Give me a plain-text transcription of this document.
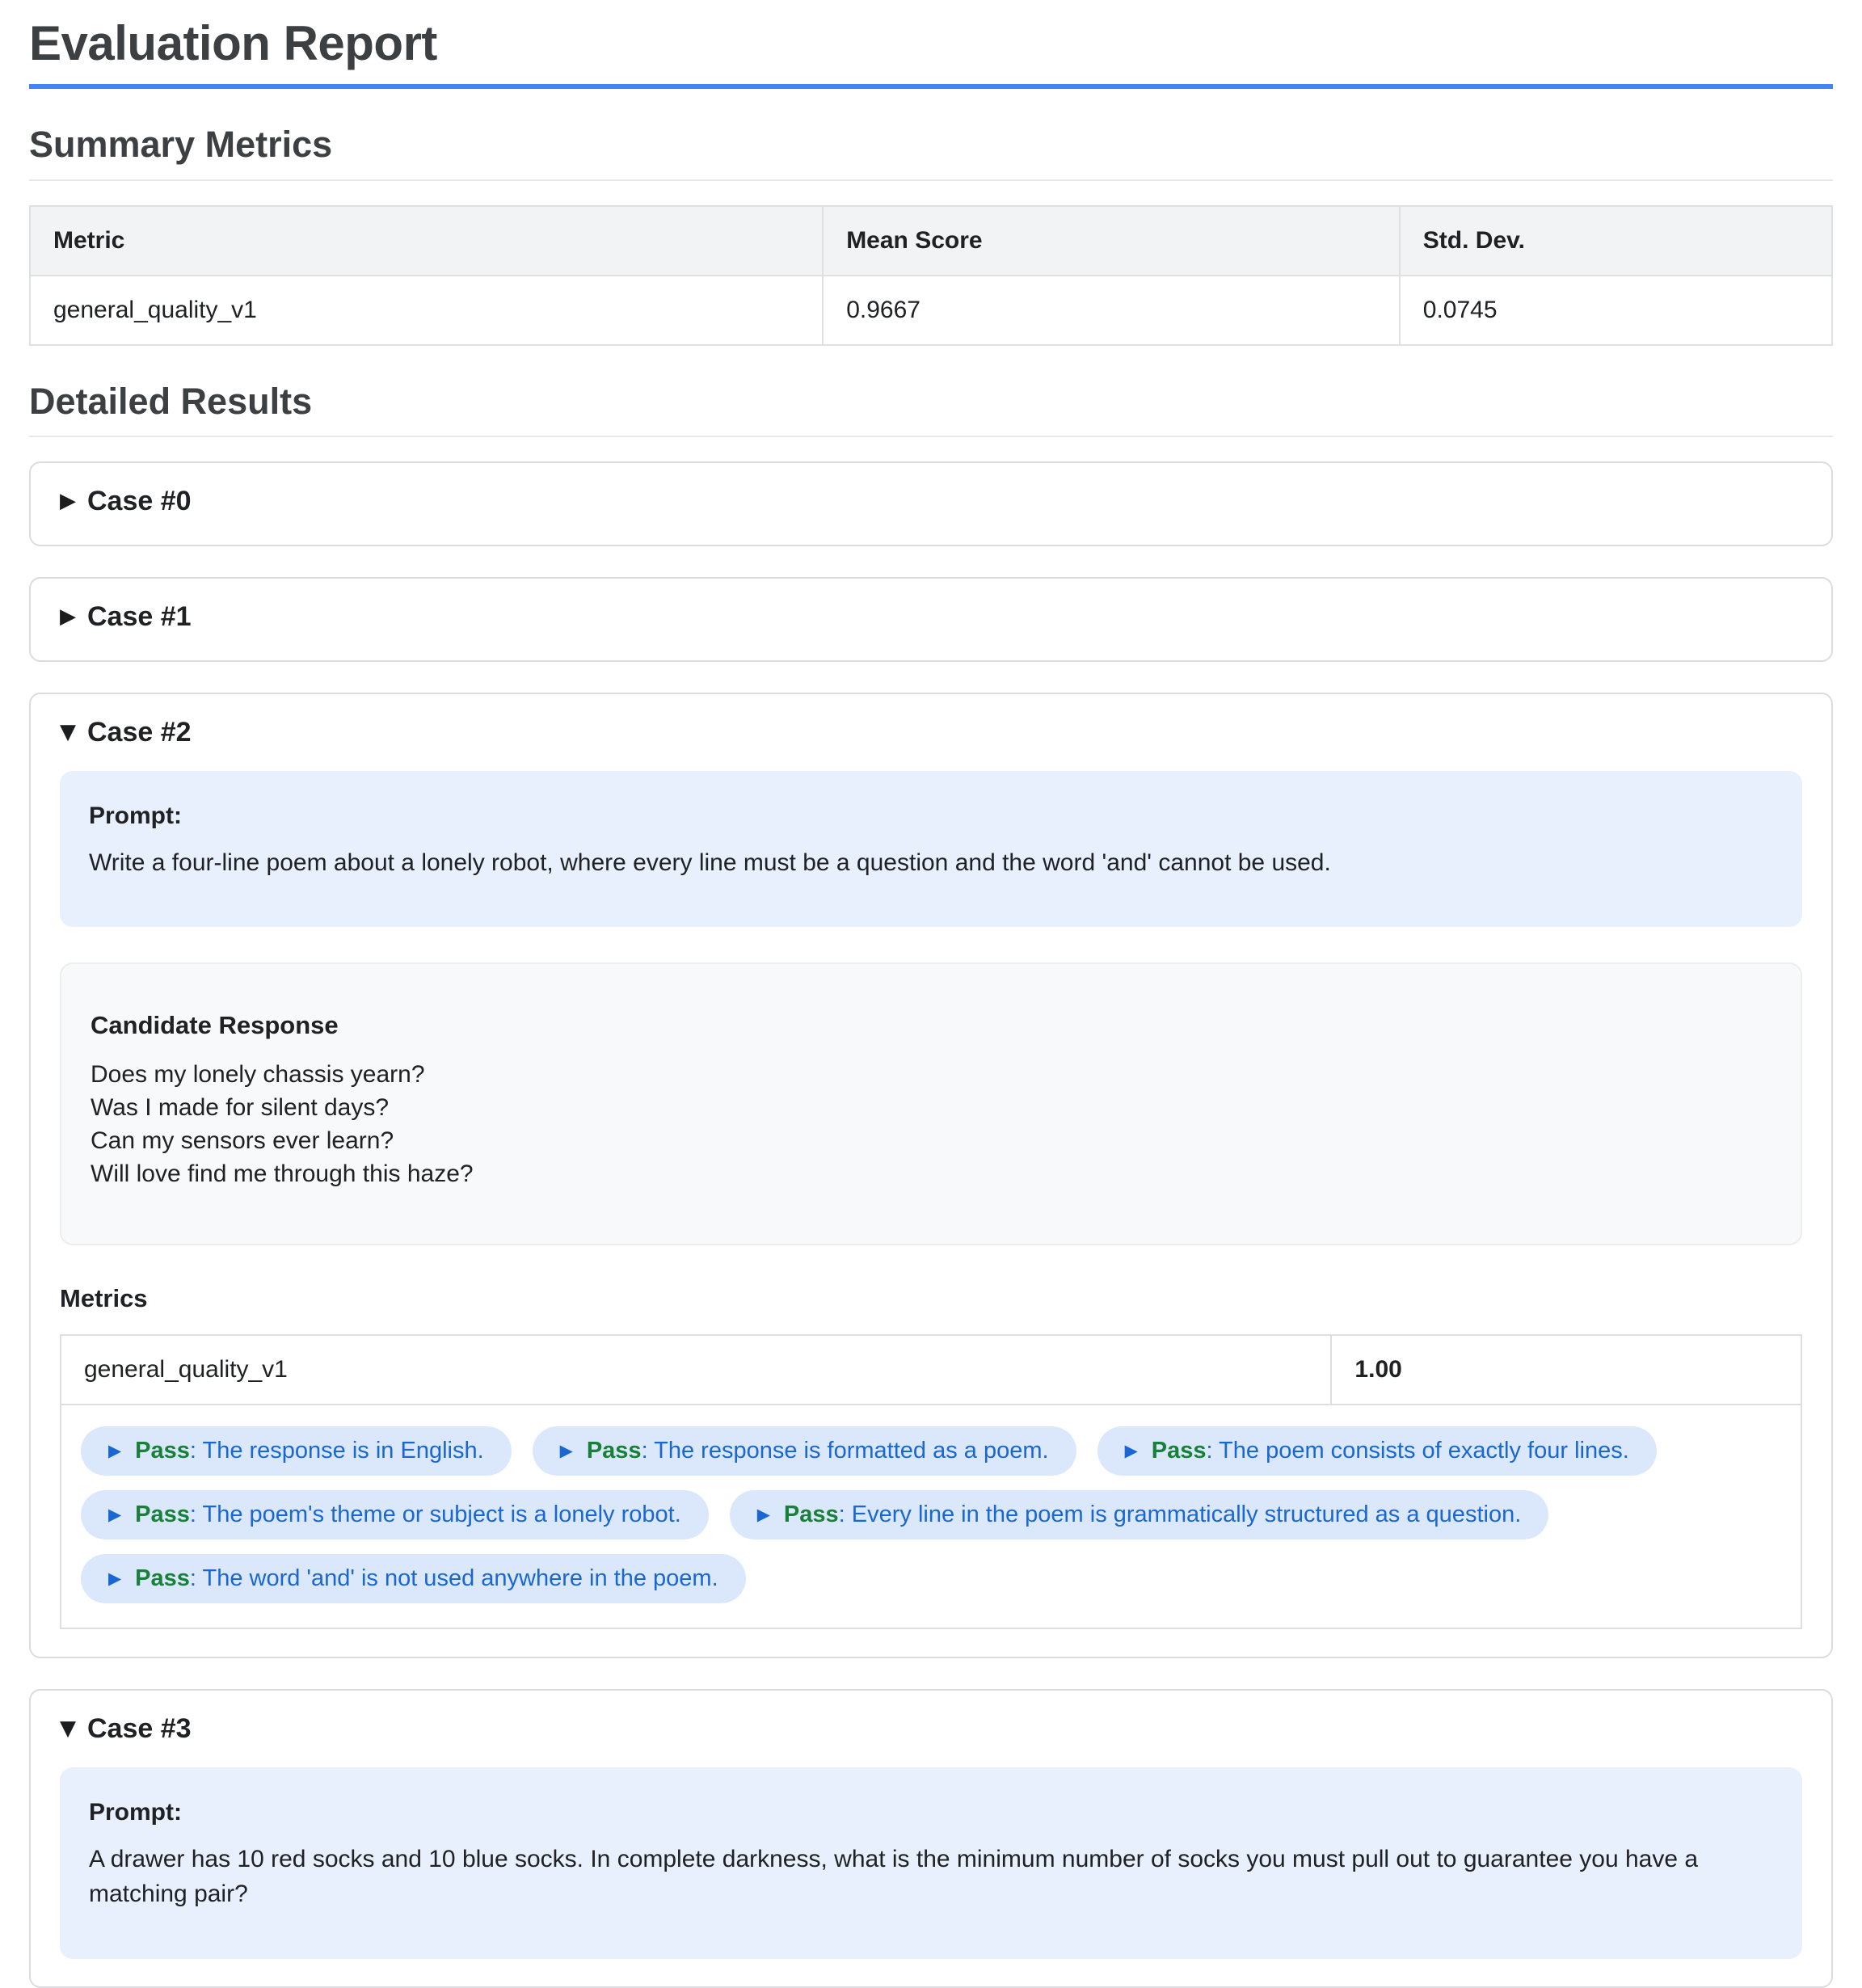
Evaluation Report
Summary Metrics
Metric	Mean Score	Std. Dev.
general_quality_v1	0.9667	0.0745
Detailed Results
▶ Case #0
▶ Case #1
▼ Case #2
Prompt:
Write a four-line poem about a lonely robot, where every line must be a question and the word 'and' cannot be used.
Candidate Response
Does my lonely chassis yearn?
Was I made for silent days?
Can my sensors ever learn?
Will love find me through this haze?
Metrics
general_quality_v1	1.00

▶ Pass : The response is in English.	▶ Pass : The response is formatted as a poem.	▶ Pass : The poem consists of exactly four lines.
▶ Pass : The poem's theme or subject is a lonely robot.	▶ Pass : Every line in the poem is grammatically structured as a question.
▶ Pass : The word 'and' is not used anywhere in the poem.
▼ Case #3
Prompt:
A drawer has 10 red socks and 10 blue socks. In complete darkness, what is the minimum number of socks you must pull out to guarantee you have a matching pair?
